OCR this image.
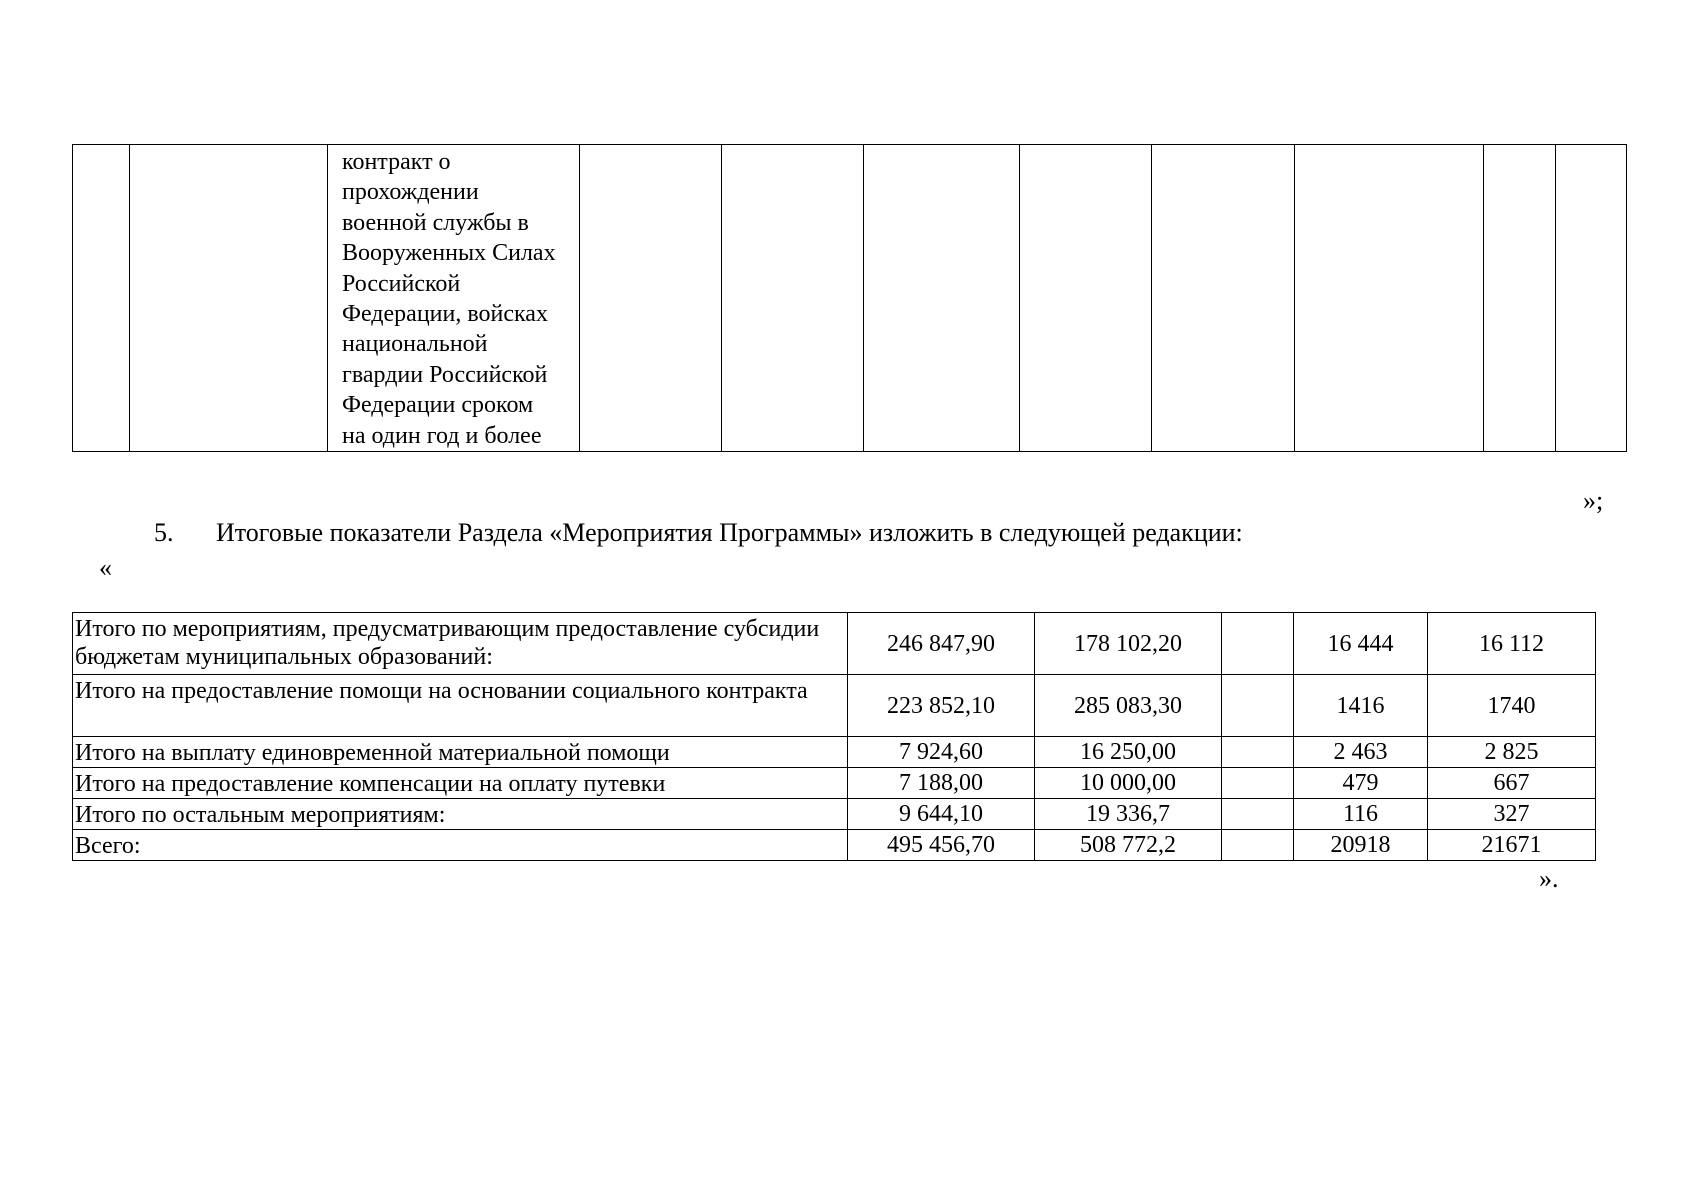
		контракт о
прохождении
военной службы в
Вооруженных Силах
Российской
Федерации, войсках
национальной
гвардии Российской
Федерации сроком
на один год и более								
»;
5. Итоговые показатели Раздела «Мероприятия Программы» изложить в следующей редакции:
«
Итого по мероприятиям, предусматривающим предоставление субсидии бюджетам муниципальных образований:	246 847,90	178 102,20		16 444	16 112
Итого на предоставление помощи на основании социального контракта	223 852,10	285 083,30		1416	1740
Итого на выплату единовременной материальной помощи	7 924,60	16 250,00		2 463	2 825
Итого на предоставление компенсации на оплату путевки	7 188,00	10 000,00		479	667
Итого по остальным мероприятиям:	9 644,10	19 336,7		116	327
Всего:	495 456,70	508 772,2		20918	21671
».
